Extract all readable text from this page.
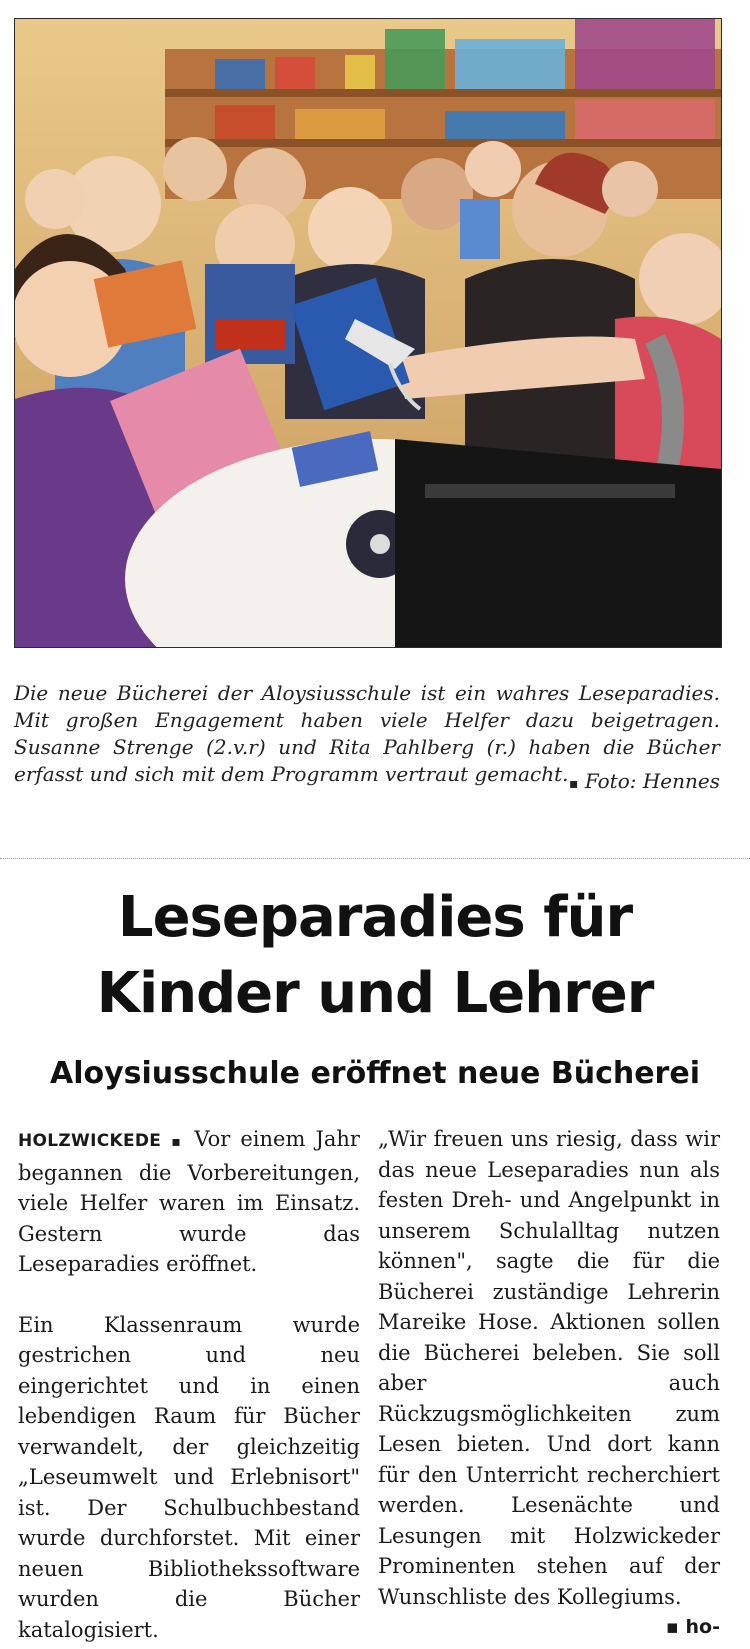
Die neue Bücherei der Aloysiusschule ist ein wahres Leseparadies. Mit großen Engagement haben viele Helfer dazu beigetragen. Susanne Strenge (2.v.r) und Rita Pahlberg (r.) haben die Bücher erfasst und sich mit dem Programm vertraut gemacht. ▪ Foto: Hennes
Leseparadies für
Kinder und Lehrer
Aloysiusschule eröffnet neue Bücherei

HOLZWICKEDE ▪ Vor einem Jahr begannen die Vorbereitungen, viele Helfer waren im Einsatz. Gestern wurde das Leseparadies eröffnet.

Ein Klassenraum wurde gestrichen und neu eingerichtet und in einen lebendigen Raum für Bücher verwandelt, der gleichzeitig „Leseumwelt und Erlebnisort" ist. Der Schulbuchbestand wurde durchforstet. Mit einer neuen Bibliothekssoftware wurden die Bücher katalogisiert.

„Wir freuen uns riesig, dass wir das neue Leseparadies nun als festen Dreh- und Angelpunkt in unserem Schulalltag nutzen können", sagte die für die Bücherei zuständige Lehrerin Mareike Hose. Aktionen sollen die Bücherei beleben. Sie soll aber auch Rückzugsmöglichkeiten zum Lesen bieten. Und dort kann für den Unterricht recherchiert werden. Lesenächte und Lesungen mit Holzwickeder Prominenten stehen auf der Wunschliste des Kollegiums.

▪ ho-
